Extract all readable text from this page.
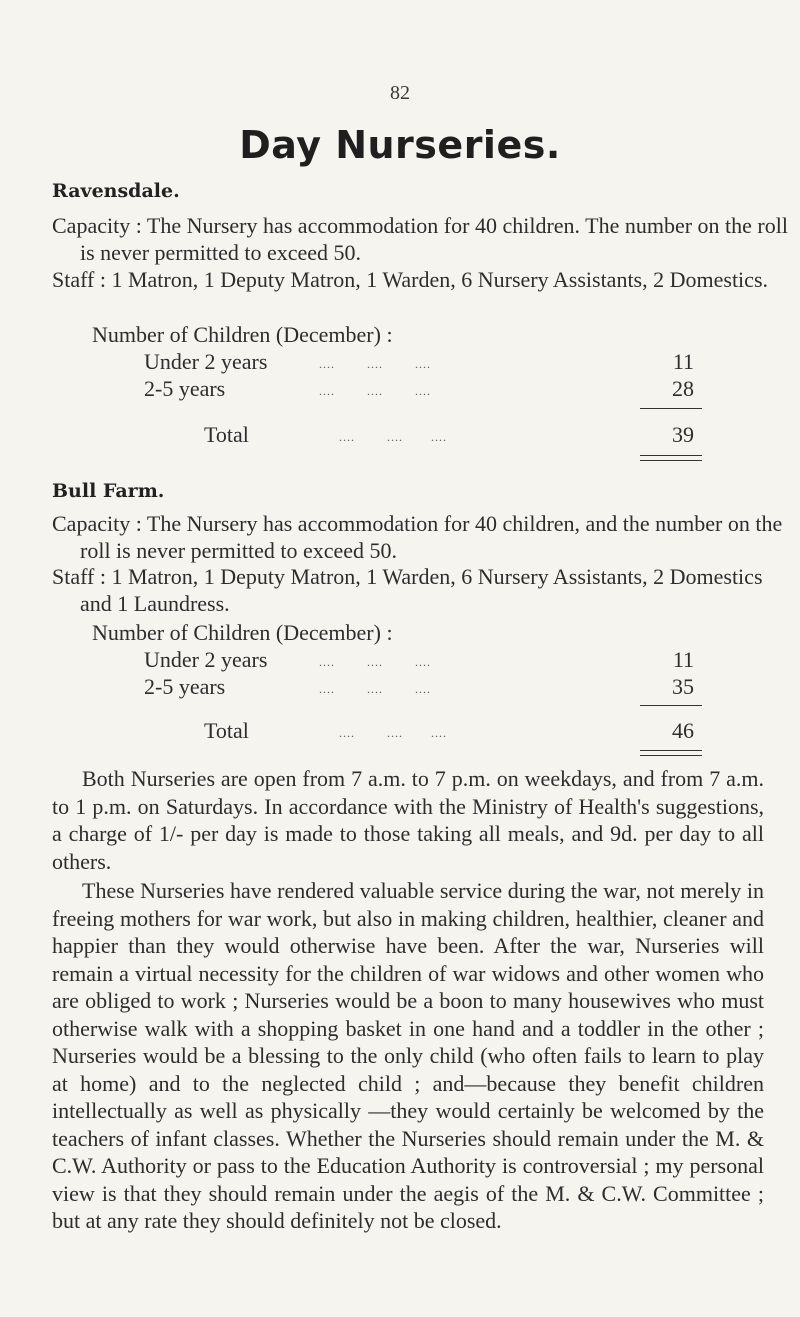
82
Day Nurseries.
Ravensdale.
Capacity : The Nursery has accommodation for 40 children. The number on the roll is never permitted to exceed 50.
Staff : 1 Matron, 1 Deputy Matron, 1 Warden, 6 Nursery Assistants, 2 Domestics.
Number of Children (December) :
Under 2 years	....        ....        ....	11
2-5 years	....        ....        ....	28
Total	....        ....       ....	39
Bull Farm.
Capacity : The Nursery has accommodation for 40 children, and the number on the roll is never permitted to exceed 50.
Staff : 1 Matron, 1 Deputy Matron, 1 Warden, 6 Nursery Assistants, 2 Domestics and 1 Laundress.
Number of Children (December) :
Under 2 years	....        ....        ....	11
2-5 years	....        ....        ....	35
Total	....        ....       ....	46
Both Nurseries are open from 7 a.m. to 7 p.m. on weekdays, and from 7 a.m. to 1 p.m. on Saturdays. In accordance with the Ministry of Health's suggestions, a charge of 1/- per day is made to those taking all meals, and 9d. per day to all others.
These Nurseries have rendered valuable service during the war, not merely in freeing mothers for war work, but also in making children, healthier, cleaner and happier than they would otherwise have been. After the war, Nurseries will remain a virtual necessity for the children of war widows and other women who are obliged to work ; Nurseries would be a boon to many housewives who must otherwise walk with a shopping basket in one hand and a toddler in the other ; Nurseries would be a blessing to the only child (who often fails to learn to play at home) and to the neglected child ; and—because they benefit children intellectually as well as physically —they would certainly be welcomed by the teachers of infant classes. Whether the Nurseries should remain under the M. & C.W. Authority or pass to the Education Authority is controversial ; my personal view is that they should remain under the aegis of the M. & C.W. Committee ; but at any rate they should definitely not be closed.
